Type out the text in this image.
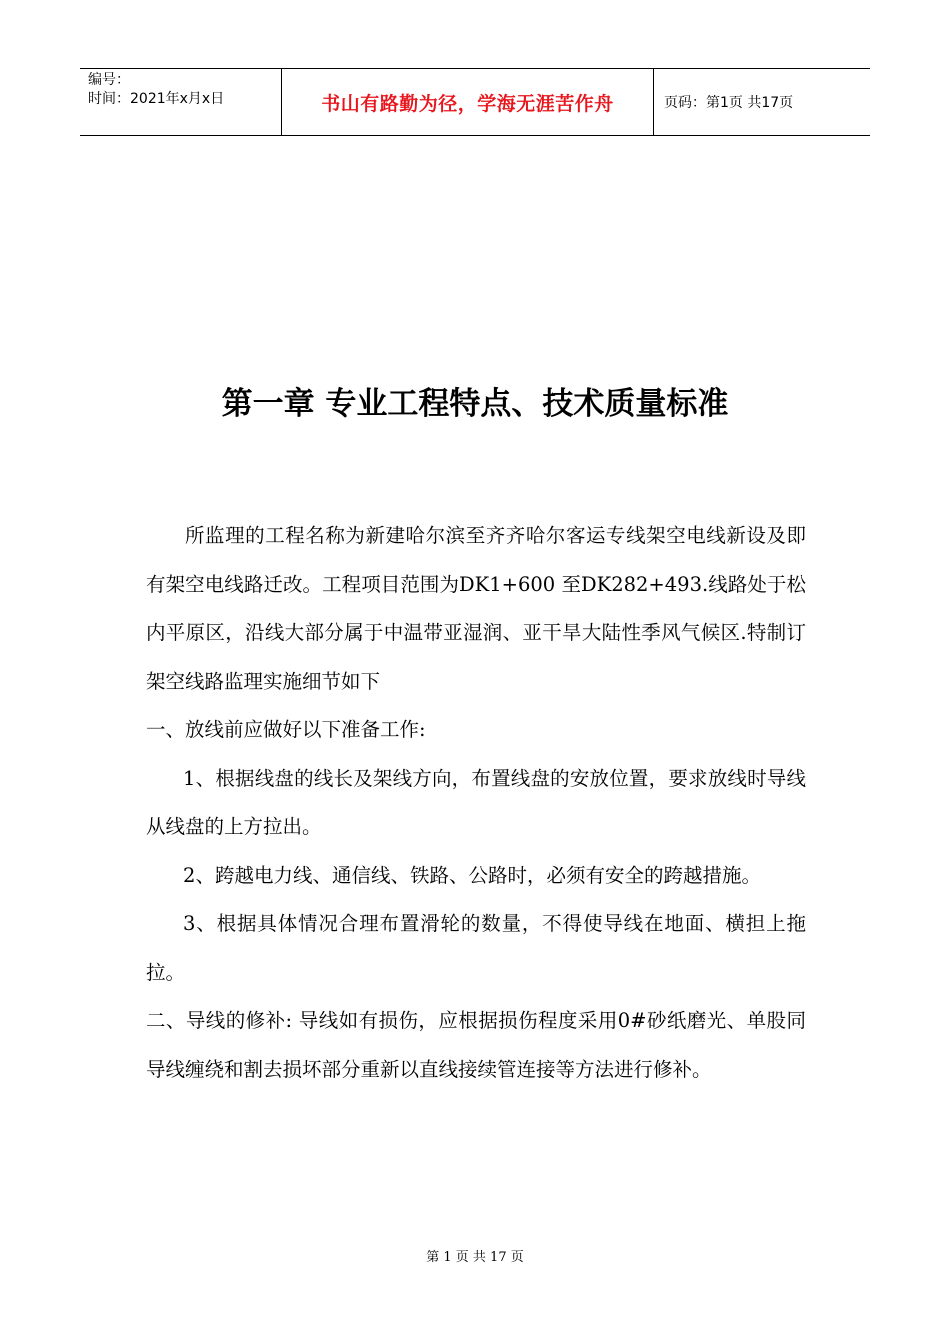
编号：
时间：2021年x月x日	书山有路勤为径，学海无涯苦作舟	页码：第1页 共17页
第一章 专业工程特点、技术质量标准

所监理的工程名称为新建哈尔滨至齐齐哈尔客运专线架空电线新设及即有架空电线路迁改。工程项目范围为DK1+600 至DK282+493.线路处于松内平原区，沿线大部分属于中温带亚湿润、亚干旱大陆性季风气候区.特制订架空线路监理实施细节如下

一、放线前应做好以下准备工作:

1、根据线盘的线长及架线方向，布置线盘的安放位置，要求放线时导线从线盘的上方拉出。

2、跨越电力线、通信线、铁路、公路时，必须有安全的跨越措施。

3、根据具体情况合理布置滑轮的数量，不得使导线在地面、横担上拖拉。

二、导线的修补: 导线如有损伤，应根据损伤程度采用0#砂纸磨光、单股同导线缠绕和割去损坏部分重新以直线接续管连接等方法进行修补。

第 1 页 共 17 页
